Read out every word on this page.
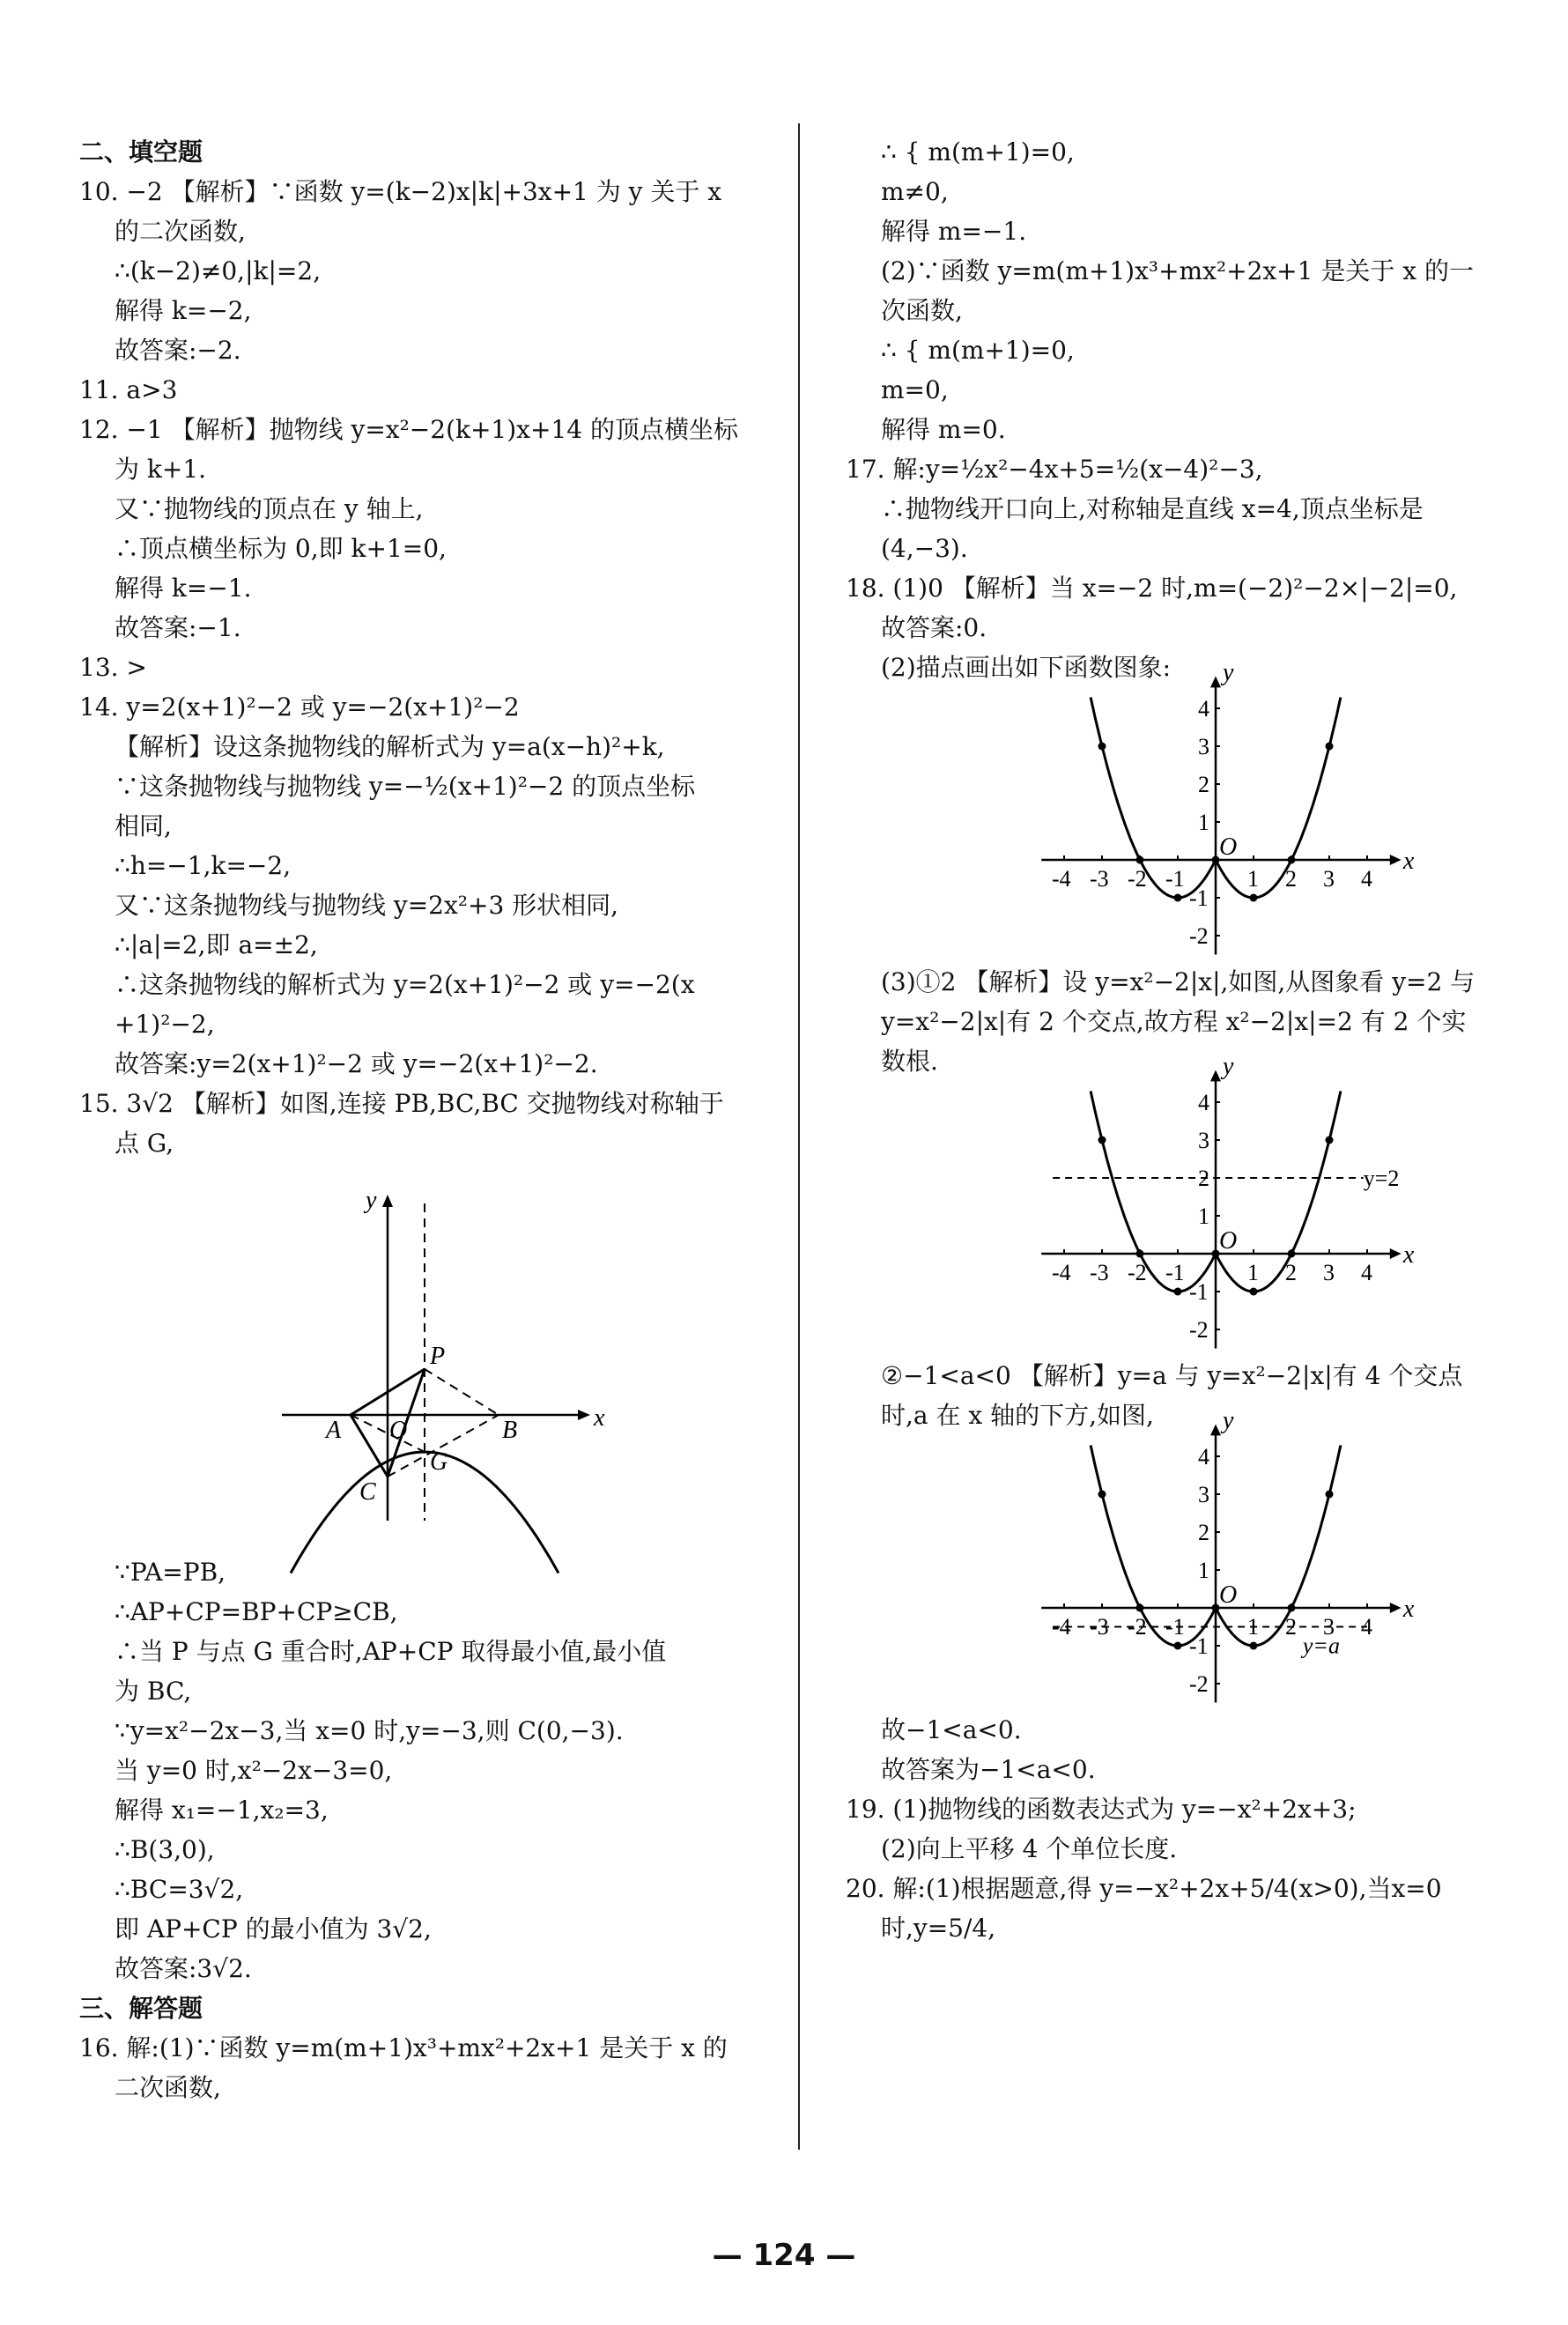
二、填空题
10. −2 【解析】∵函数 y=(k−2)x|k|+3x+1 为 y 关于 x
的二次函数,
∴(k−2)≠0,|k|=2,
解得 k=−2,
故答案:−2.
11. a>3
12. −1 【解析】抛物线 y=x²−2(k+1)x+14 的顶点横坐标
为 k+1.
又∵抛物线的顶点在 y 轴上,
∴顶点横坐标为 0,即 k+1=0,
解得 k=−1.
故答案:−1.
13. >
14. y=2(x+1)²−2 或 y=−2(x+1)²−2
【解析】设这条抛物线的解析式为 y=a(x−h)²+k,
∵这条抛物线与抛物线 y=−½(x+1)²−2 的顶点坐标
相同,
∴h=−1,k=−2,
又∵这条抛物线与抛物线 y=2x²+3 形状相同,
∴|a|=2,即 a=±2,
∴这条抛物线的解析式为 y=2(x+1)²−2 或 y=−2(x
+1)²−2,
故答案:y=2(x+1)²−2 或 y=−2(x+1)²−2.
15. 3√2 【解析】如图,连接 PB,BC,BC 交抛物线对称轴于
点 G,
y
x
P
A O	B
G
C
∵PA=PB,
∴AP+CP=BP+CP≥CB,
∴当 P 与点 G 重合时,AP+CP 取得最小值,最小值
为 BC,
∵y=x²−2x−3,当 x=0 时,y=−3,则 C(0,−3).
当 y=0 时,x²−2x−3=0,
解得 x₁=−1,x₂=3,
∴B(3,0),
∴BC=3√2,
即 AP+CP 的最小值为 3√2,
故答案:3√2.
三、解答题
16. 解:(1)∵函数 y=m(m+1)x³+mx²+2x+1 是关于 x 的
二次函数,
∴ { m(m+1)=0,
m≠0,
解得 m=−1.
(2)∵函数 y=m(m+1)x³+mx²+2x+1 是关于 x 的一
次函数,
∴ { m(m+1)=0,
m=0,
解得 m=0.
17. 解:y=½x²−4x+5=½(x−4)²−3,
∴抛物线开口向上,对称轴是直线 x=4,顶点坐标是
(4,−3).
18. (1)0 【解析】当 x=−2 时,m=(−2)²−2×|−2|=0,
故答案:0.
(2)描点画出如下函数图象:
-4 -3 -2 -1	1 2 3 4
4
3
2
1
-1
-2
x
y
O
(3)①2 【解析】设 y=x²−2|x|,如图,从图象看 y=2 与
y=x²−2|x|有 2 个交点,故方程 x²−2|x|=2 有 2 个实
数根.
-4 -3 -2 -1	1 2 3 4
4
3
2
1
-1
-2
x
y
O
y=2
②−1<a<0 【解析】y=a 与 y=x²−2|x|有 4 个交点
时,a 在 x 轴的下方,如图,
-4 -3 -2 -1	1 2 3 4
4
3
2
1
-1
-2
x
y
O
y=a
故−1<a<0.
故答案为−1<a<0.
19. (1)抛物线的函数表达式为 y=−x²+2x+3;
(2)向上平移 4 个单位长度.
20. 解:(1)根据题意,得 y=−x²+2x+5/4(x>0),当x=0
时,y=5/4,
— 124 —
